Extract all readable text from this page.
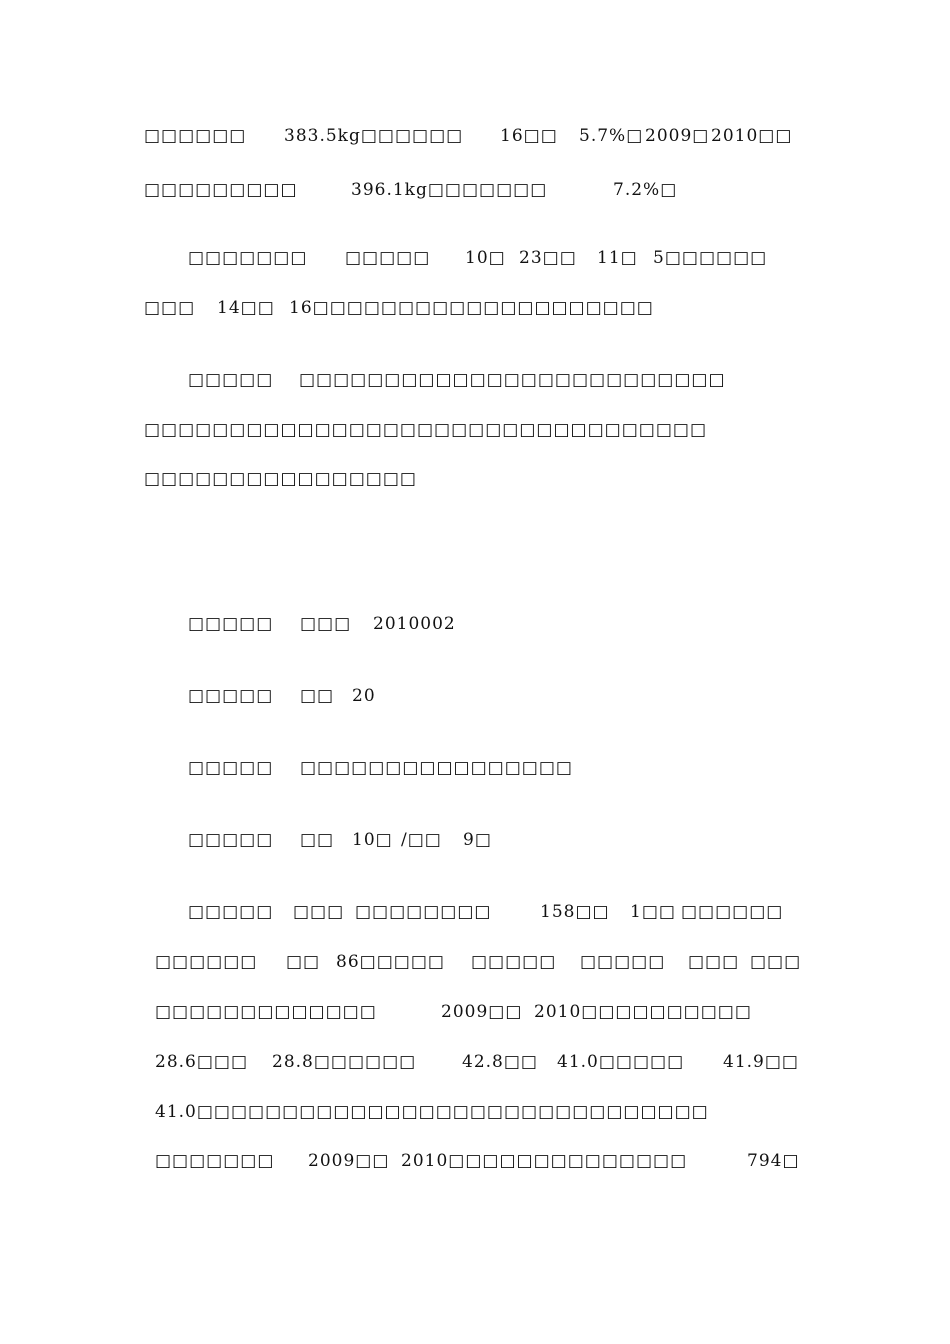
□□□□□□ 383.5kg□□□□□□ 16□□ 5.7%□ 2009□ 2010□□
□□□□□□□□□	396.1kg□□□□□□□	7.2%□
□□□□□□□ □□□□□ 10□ 23□□ 11□ 5□□□□□□
□□□ 14□□ 16□□□□□□□□□□□□□□□□□□□□
□□□□□ □□□□□□□□□□□□□□□□□□□□□□□□□
□□□□□□□□□□□□□□□□□□□□□□□□□□□□□□□□□
□□□□□□□□□□□□□□□□
□□□□□ □□□ 2010002
□□□□□ □□ 20
□□□□□ □□□□□□□□□□□□□□□□
□□□□□ □□ 10□ /□□ 9□
□□□□□ □□□ □□□□□□□□	158□□ 1□□ □□□□□□
□□□□□□ □□ 86□□□□□ □□□□□ □□□□□ □□□ □□□
□□□□□□□□□□□□□	2009□□ 2010□□□□□□□□□□
28.6□□□ 28.8□□□□□□	42.8□□ 41.0□□□□□ 41.9□□
41.0□□□□□□□□□□□□□□□□□□□□□□□□□□□□□□
□□□□□□□ 2009□□ 2010□□□□□□□□□□□□□□	794□
